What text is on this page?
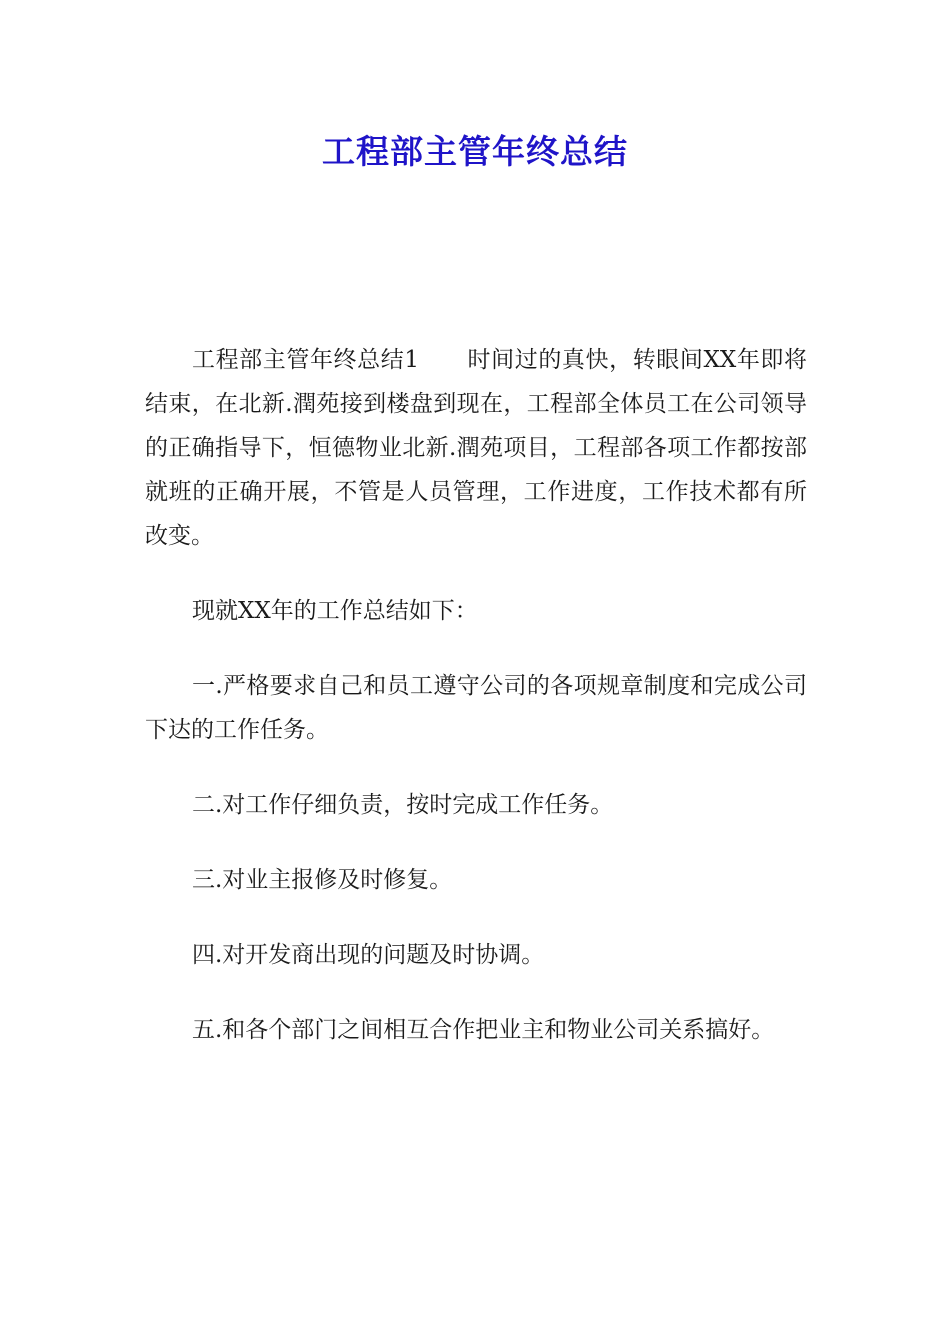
工程部主管年终总结

工程部主管年终总结1 时间过的真快，转眼间XX年即将结束，在北新.潤苑接到楼盘到现在，工程部全体员工在公司领导的正确指导下，恒德物业北新.潤苑项目，工程部各项工作都按部就班的正确开展，不管是人员管理，工作进度，工作技术都有所改变。

现就XX年的工作总结如下：

一.严格要求自己和员工遵守公司的各项规章制度和完成公司下达的工作任务。

二.对工作仔细负责，按时完成工作任务。

三.对业主报修及时修复。

四.对开发商出现的问题及时协调。

五.和各个部门之间相互合作把业主和物业公司关系搞好。
